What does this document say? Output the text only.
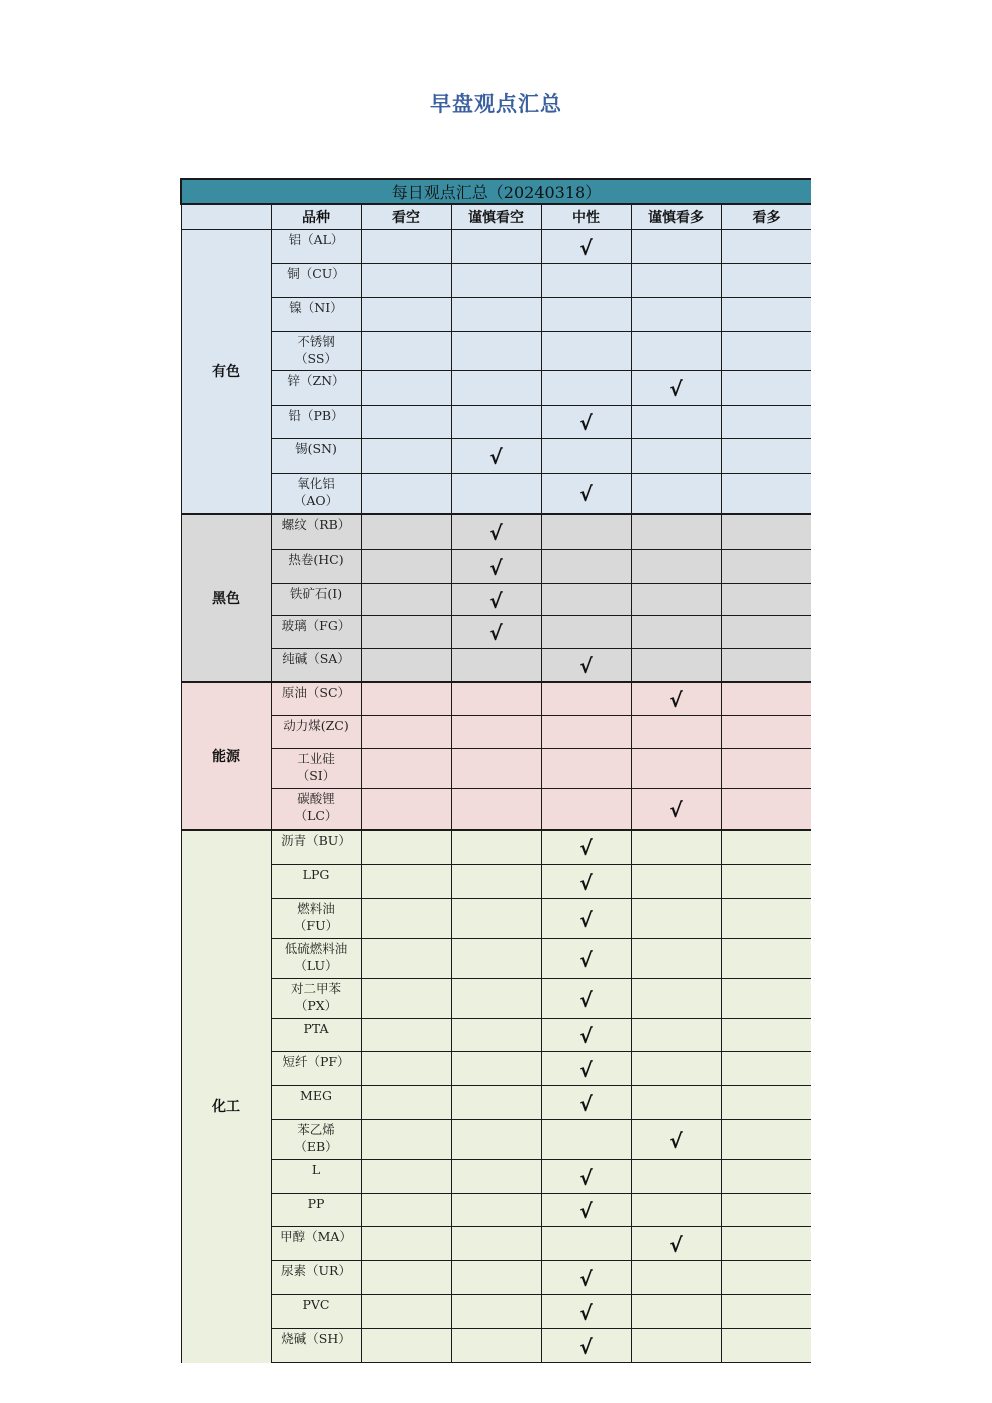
早盘观点汇总
每日观点汇总（20240318）						
	品种	看空	谨慎看空	中性	谨慎看多	看多
有色	铝（AL）			√		
	铜（CU）					
	镍（NI）					
	不锈钢
（SS）					
	锌（ZN）				√	
	铅（PB）			√		
	锡(SN)		√			
	氧化铝
（AO）			√		
黑色	螺纹（RB）		√			
	热卷(HC)		√			
	铁矿石(I)		√			
	玻璃（FG）		√			
	纯碱（SA）			√		
能源	原油（SC）				√	
	动力煤(ZC)					
	工业硅
（SI）					
	碳酸锂
（LC）				√	
化工	沥青（BU）			√		
	LPG			√		
	燃料油
（FU）			√		
	低硫燃料油
（LU）			√		
	对二甲苯
（PX）			√		
	PTA			√		
	短纤（PF）			√		
	MEG			√		
	苯乙烯
（EB）				√	
	L			√		
	PP			√		
	甲醇（MA）				√	
	尿素（UR）			√		
	PVC			√		
	烧碱（SH）			√		
